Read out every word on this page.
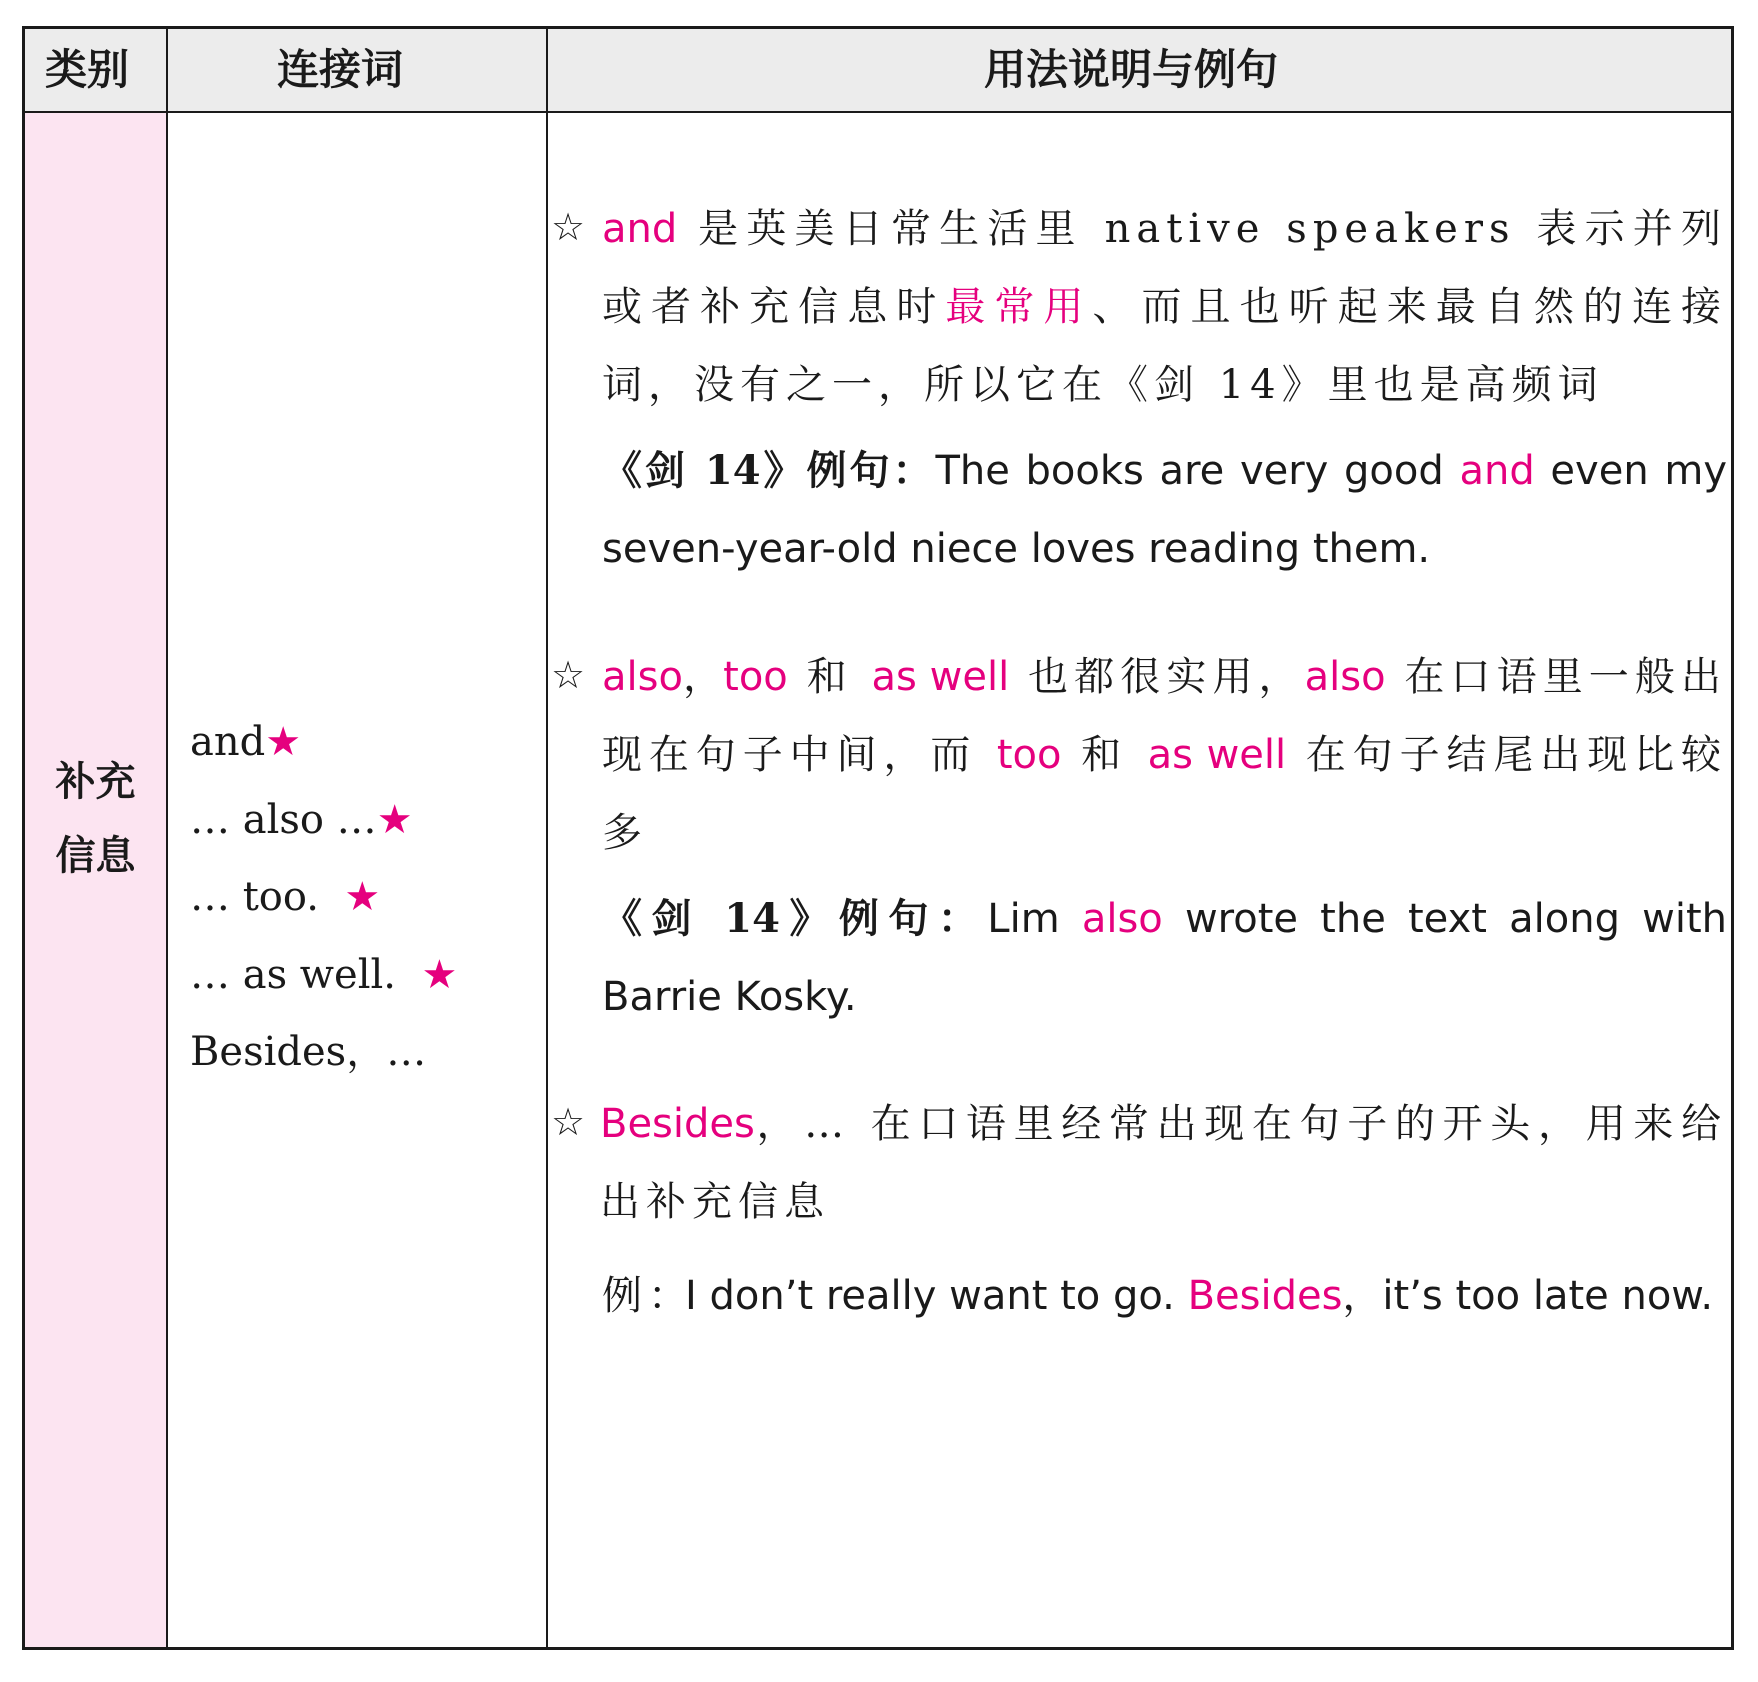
类别	连接词	用法说明与例句
补充
信息
and★
… also …★
… too. ★
… as well. ★
Besides，…
☆ and 是英美日常生活里 native speakers 表示并列或者补充信息时最常用、而且也听起来最自然的连接词，没有之一，所以它在《剑 14》里也是高频词
《剑 14》例句：The books are very good and even my seven-year-old niece loves reading them.
☆ also，too 和 as well 也都很实用，also 在口语里一般出现在句子中间，而 too 和 as well 在句子结尾出现比较多
《剑 14》例句：Lim also wrote the text along with Barrie Kosky.
☆ Besides，… 在口语里经常出现在句子的开头，用来给出补充信息
例：I don’t really want to go. Besides，it’s too late now.
